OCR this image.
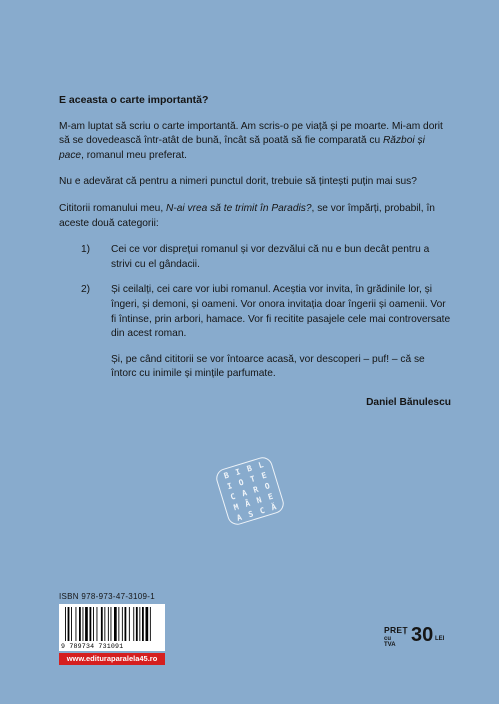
E aceasta o carte importantă?

M-am luptat să scriu o carte importantă. Am scris-o pe viață și pe moarte. Mi-am dorit să se dovedească într-atât de bună, încât să poată să fie comparată cu Război și pace, romanul meu preferat.

Nu e adevărat că pentru a nimeri punctul dorit, trebuie să țintești puțin mai sus?

Cititorii romanului meu, N-ai vrea să te trimit în Paradis?, se vor împărți, probabil, în aceste două categorii:

1)	Cei ce vor disprețui romanul și vor dezvălui că nu e bun decât pentru a strivi cu el gândacii.
2)	Și ceilalți, cei care vor iubi romanul. Aceștia vor invita, în grădinile lor, și îngeri, și demoni, și oameni. Vor onora invitația doar îngerii și oamenii. Vor fi întinse, prin arbori, hamace. Vor fi recitite pasajele cele mai controversate din acest roman.

Și, pe când cititorii se vor întoarce acasă, vor descoperi – puf! – că se întorc cu inimile și mințile parfumate.

Daniel Bănulescu

B I B L
I O T E
C A R O
M Â N E
A S C Ă
ISBN 978-973-47-3109-1
9 789734 731091
www.edituraparalela45.ro
PREȚ
cu TVA 30 LEI
